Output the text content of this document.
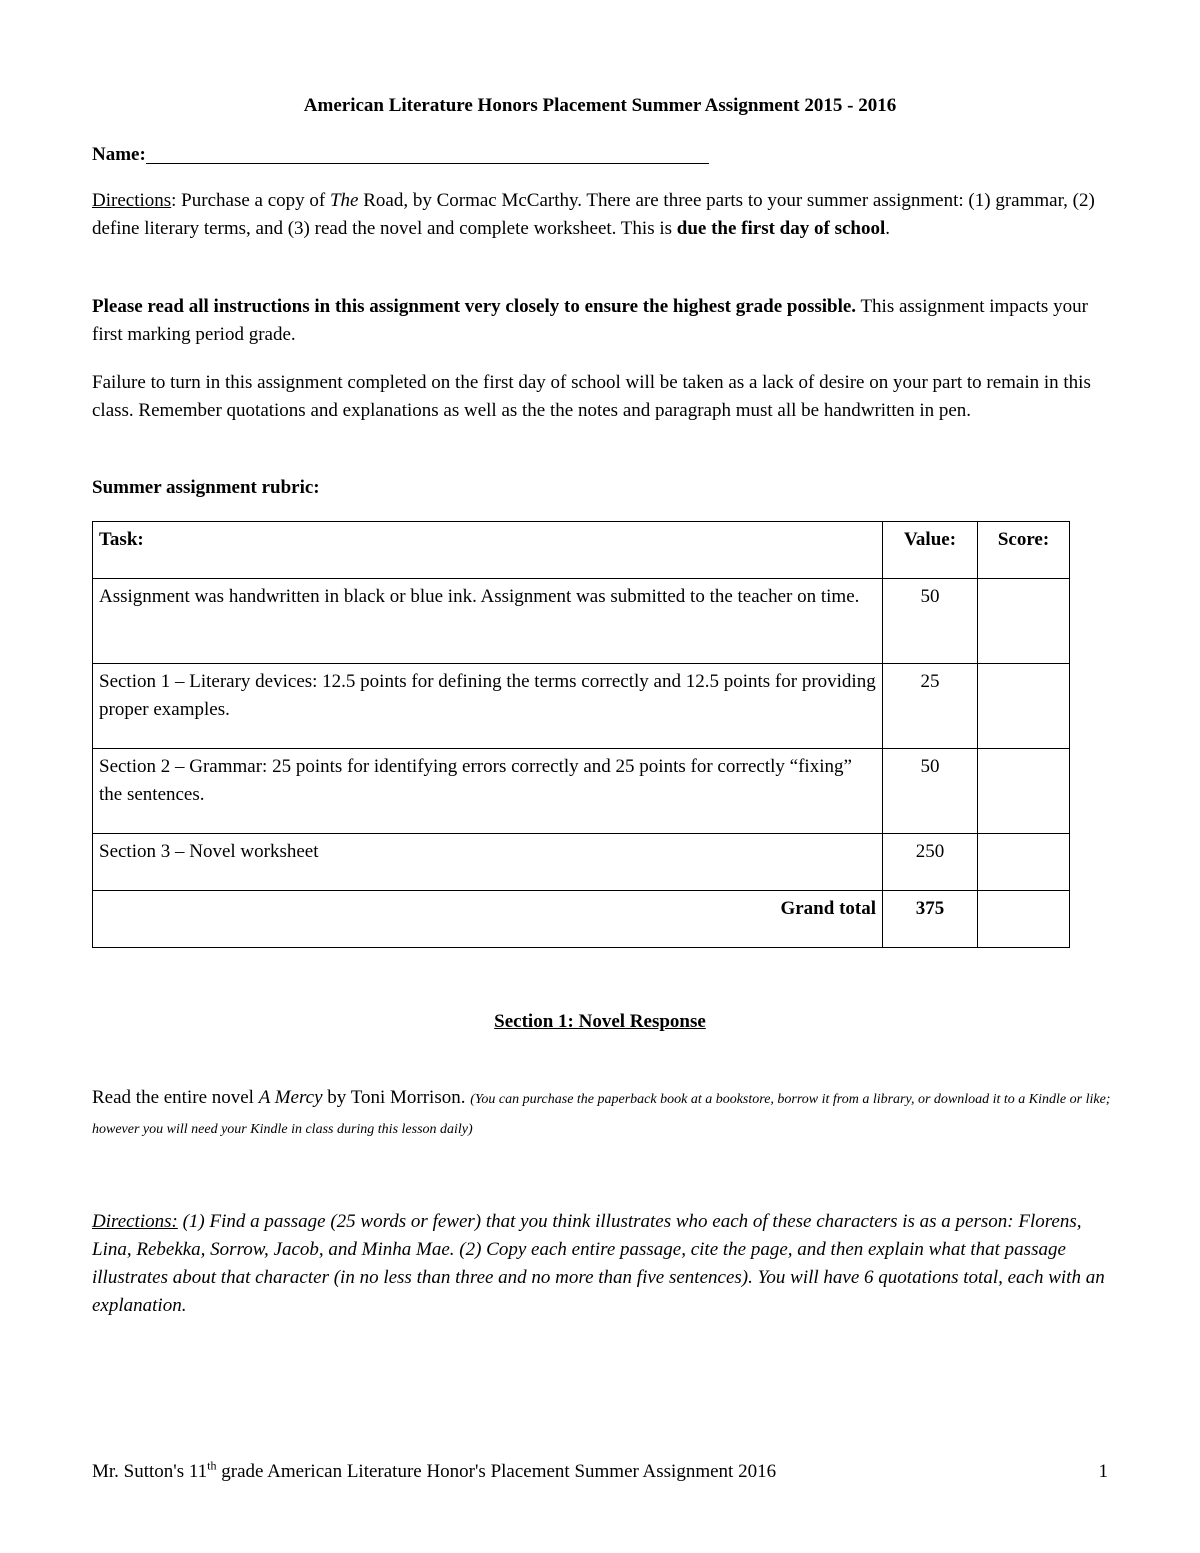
American Literature Honors Placement Summer Assignment 2015 - 2016
Name:
Directions: Purchase a copy of The Road, by Cormac McCarthy. There are three parts to your summer assignment: (1) grammar, (2) define literary terms, and (3) read the novel and complete worksheet. This is due the first day of school.
Please read all instructions in this assignment very closely to ensure the highest grade possible. This assignment impacts your first marking period grade.
Failure to turn in this assignment completed on the first day of school will be taken as a lack of desire on your part to remain in this class. Remember quotations and explanations as well as the the notes and paragraph must all be handwritten in pen.
Summer assignment rubric:
Task:	Value:	Score:
Assignment was handwritten in black or blue ink. Assignment was submitted to the teacher on time.	50	
Section 1 – Literary devices: 12.5 points for defining the terms correctly and 12.5 points for providing proper examples.	25	
Section 2 – Grammar: 25 points for identifying errors correctly and 25 points for correctly “fixing” the sentences.	50	
Section 3 – Novel worksheet	250	
Grand total	375	
Section 1: Novel Response
Read the entire novel A Mercy by Toni Morrison. (You can purchase the paperback book at a bookstore, borrow it from a library, or download it to a Kindle or like; however you will need your Kindle in class during this lesson daily)
Directions: (1) Find a passage (25 words or fewer) that you think illustrates who each of these characters is as a person: Florens, Lina, Rebekka, Sorrow, Jacob, and Minha Mae. (2) Copy each entire passage, cite the page, and then explain what that passage illustrates about that character (in no less than three and no more than five sentences). You will have 6 quotations total, each with an explanation.
Mr. Sutton's 11th grade American Literature Honor's Placement Summer Assignment 2016	1
